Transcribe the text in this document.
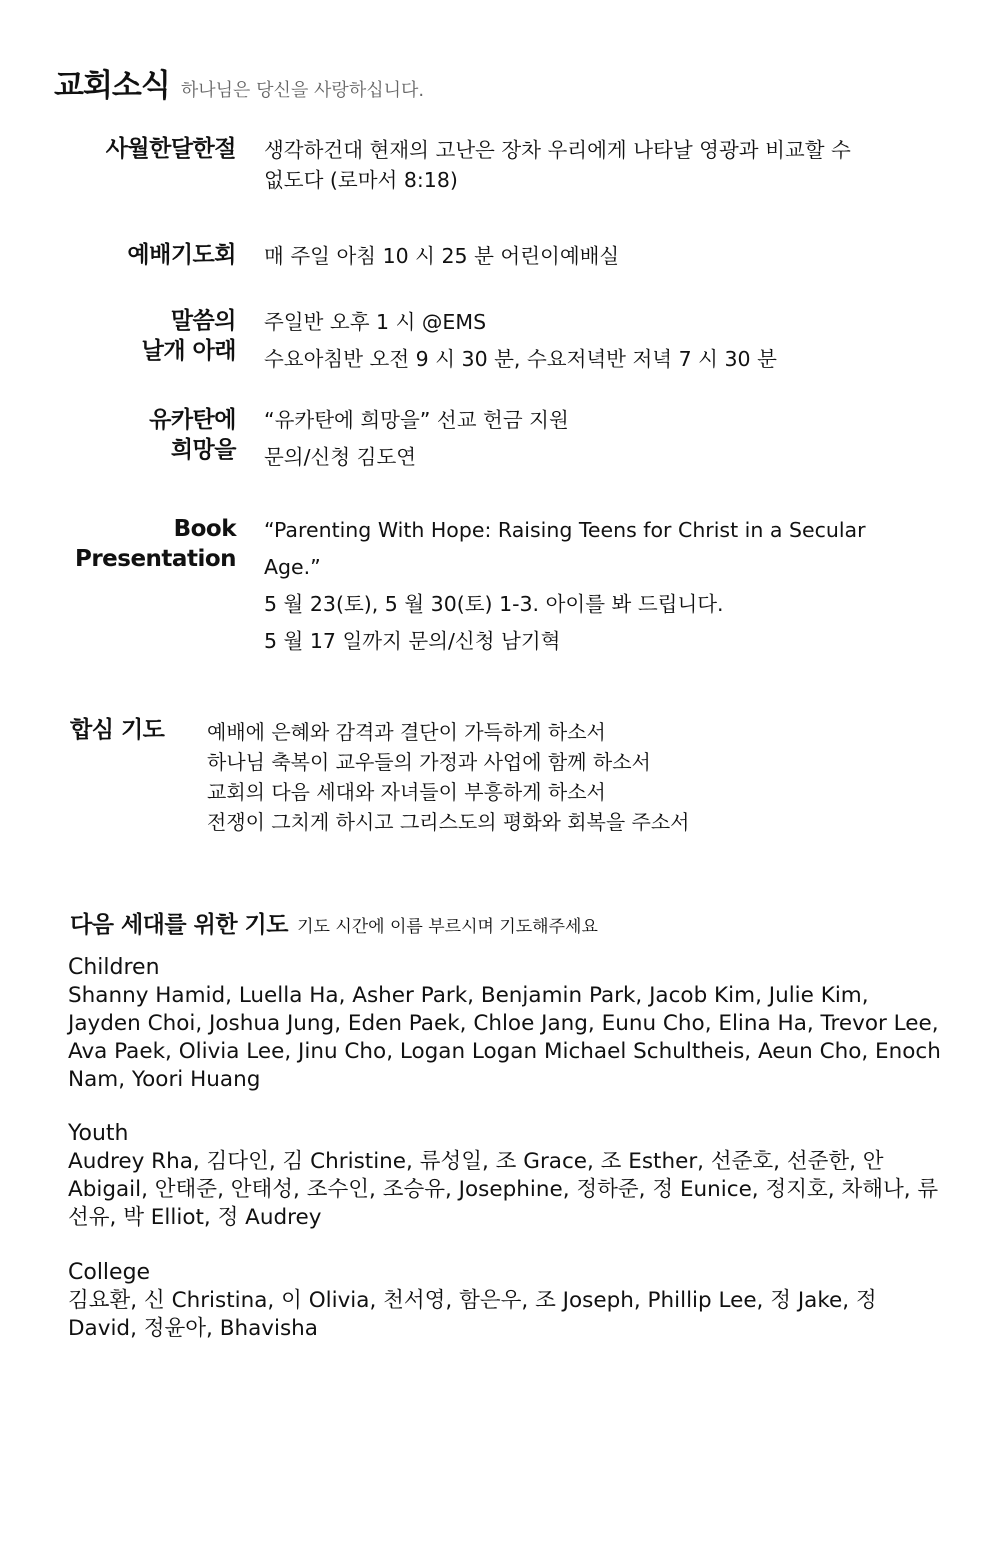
교회소식 하나님은 당신을 사랑하십니다.
사월한달한절 생각하건대 현재의 고난은 장차 우리에게 나타날 영광과 비교할 수
없도다 (로마서 8:18)
예배기도회 매 주일 아침 10 시 25 분 어린이예배실
말씀의
날개 아래
주일반 오후 1 시 @EMS
수요아침반 오전 9 시 30 분, 수요저녁반 저녁 7 시 30 분
유카탄에
희망을
“유카탄에 희망을” 선교 헌금 지원
문의/신청 김도연
Book
Presentation
“Parenting With Hope: Raising Teens for Christ in a Secular
Age.”
5 월 23(토), 5 월 30(토) 1-3. 아이를 봐 드립니다.
5 월 17 일까지 문의/신청 남기혁
합심 기도 예배에 은혜와 감격과 결단이 가득하게 하소서
하나님 축복이 교우들의 가정과 사업에 함께 하소서
교회의 다음 세대와 자녀들이 부흥하게 하소서
전쟁이 그치게 하시고 그리스도의 평화와 회복을 주소서
다음 세대를 위한 기도 기도 시간에 이름 부르시며 기도해주세요
Children
Shanny Hamid, Luella Ha, Asher Park, Benjamin Park, Jacob Kim, Julie Kim, Jayden Choi, Joshua Jung, Eden Paek, Chloe Jang, Eunu Cho, Elina Ha, Trevor Lee, Ava Paek, Olivia Lee, Jinu Cho, Logan Logan Michael Schultheis, Aeun Cho, Enoch Nam, Yoori Huang
Youth
Audrey Rha, 김다인, 김 Christine, 류성일, 조 Grace, 조 Esther, 선준호, 선준한, 안 Abigail, 안태준, 안태성, 조수인, 조승유, Josephine, 정하준, 정 Eunice, 정지호, 차해나, 류선유, 박 Elliot, 정 Audrey
College
김요환, 신 Christina, 이 Olivia, 천서영, 함은우, 조 Joseph, Phillip Lee, 정 Jake, 정 David, 정윤아, Bhavisha
